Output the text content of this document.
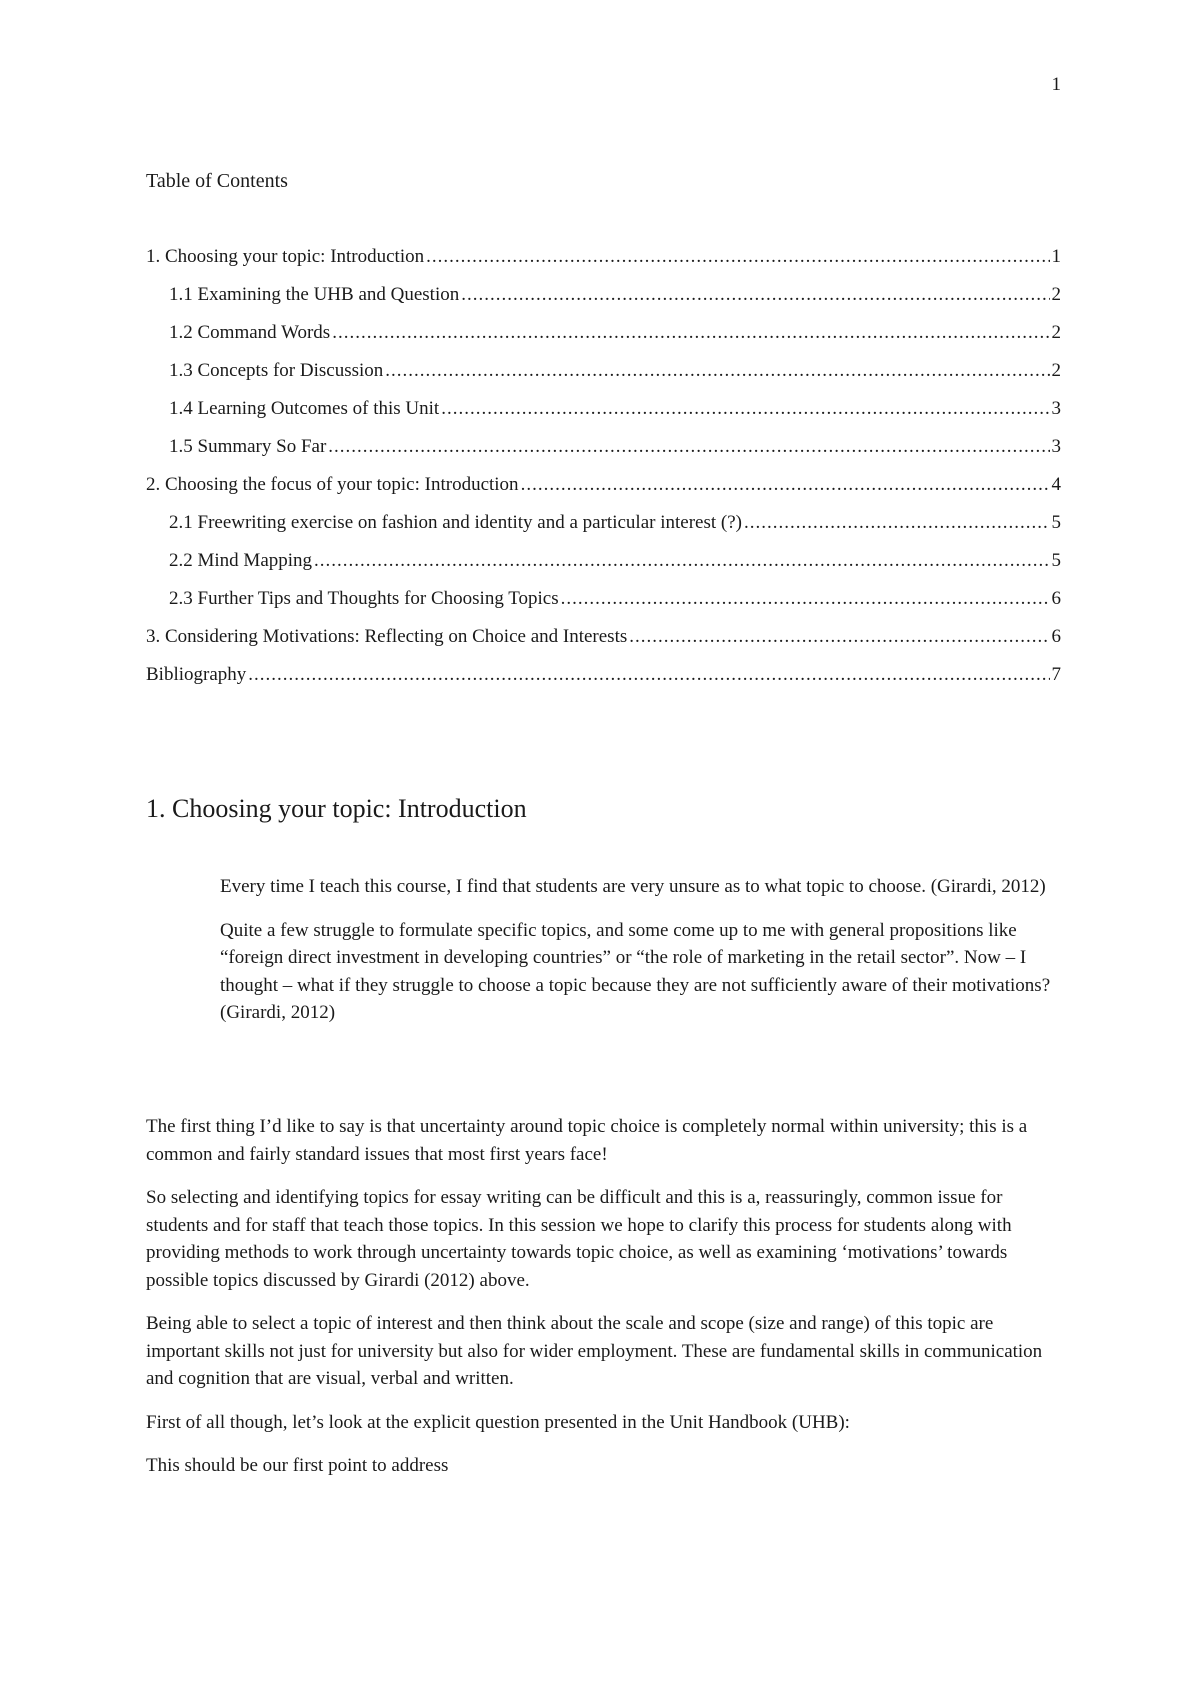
1
Table of Contents
1. Choosing your topic: Introduction .....	1
1.1 Examining the UHB and Question .....	2
1.2 Command Words .....	2
1.3 Concepts for Discussion .....	2
1.4 Learning Outcomes of this Unit .....	3
1.5 Summary So Far .....	3
2. Choosing the focus of your topic: Introduction .....	4
2.1 Freewriting exercise on fashion and identity and a particular interest (?) .....	5
2.2 Mind Mapping .....	5
2.3 Further Tips and Thoughts for Choosing Topics .....	6
3. Considering Motivations: Reflecting on Choice and Interests .....	6
Bibliography .....	7
1. Choosing your topic: Introduction

Every time I teach this course, I find that students are very unsure as to what topic to choose. (Girardi, 2012)

Quite a few struggle to formulate specific topics, and some come up to me with general propositions like “foreign direct investment in developing countries” or “the role of marketing in the retail sector”. Now – I thought – what if they struggle to choose a topic because they are not sufficiently aware of their motivations? (Girardi, 2012)

The first thing I’d like to say is that uncertainty around topic choice is completely normal within university; this is a common and fairly standard issues that most first years face!

So selecting and identifying topics for essay writing can be difficult and this is a, reassuringly, common issue for students and for staff that teach those topics. In this session we hope to clarify this process for students along with providing methods to work through uncertainty towards topic choice, as well as examining ‘motivations’ towards possible topics discussed by Girardi (2012) above.

Being able to select a topic of interest and then think about the scale and scope (size and range) of this topic are important skills not just for university but also for wider employment. These are fundamental skills in communication and cognition that are visual, verbal and written.

First of all though, let’s look at the explicit question presented in the Unit Handbook (UHB):

This should be our first point to address
